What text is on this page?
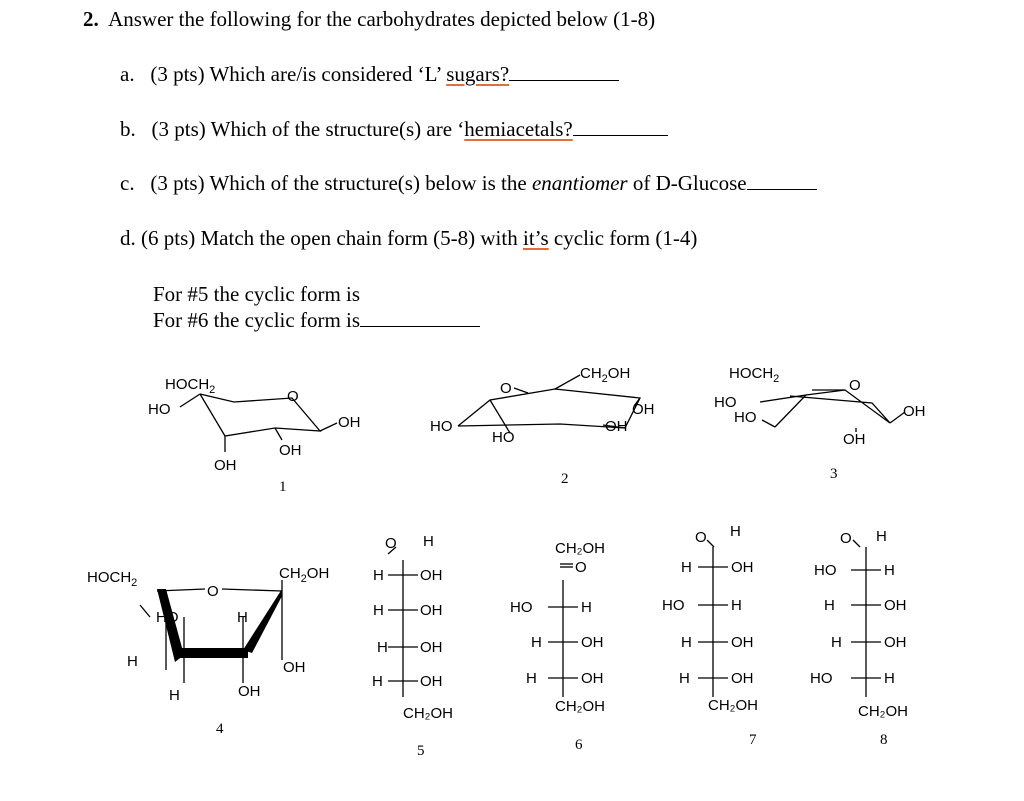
2. Answer the following for the carbohydrates depicted below (1-8)
a. (3 pts) Which are/is considered ‘L’ sugars?
b. (3 pts) Which of the structure(s) are ‘hemiacetals?
c. (3 pts) Which of the structure(s) below is the enantiomer of D-Glucose
d. (6 pts) Match the open chain form (5-8) with it’s cyclic form (1-4)
For #5 the cyclic form is
For #6 the cyclic form is
$HOCH_2$
HO
O
OH
OH
OH
1
$CH_2OH$
O
OH
OH
HO
HO
2
$HOCH_2$
HO
HO
O
OH
OH
3
$HOCH_2$	O
$CH_2OH$
HO	H
H
H	OH
OH
4
O H
H OH
H OH
H OH
H OH
CH₂OH
5
CH₂OH
O
HO	H
H	OH
H	OH
CH₂OH
6
O H
H	OH
HO	H
H	OH
H	OH
CH₂OH
7
O H
HO	H
H	OH
H	OH
HO	H
CH₂OH
8
